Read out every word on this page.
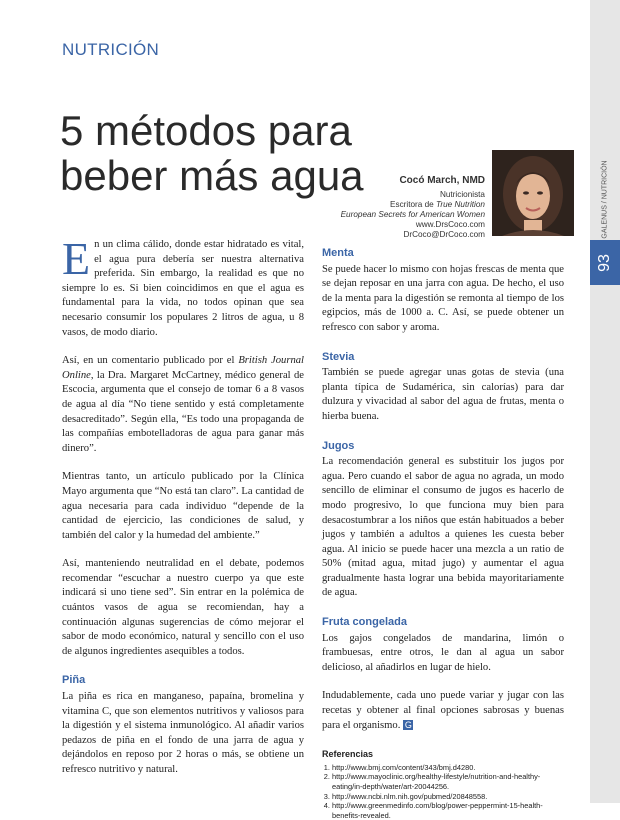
GALENUS / NUTRICIÓN
93
NUTRICIÓN
5 métodos para beber más agua	Cocó March, NMD
Nutricionista
Escritora de True Nutrition
European Secrets for American Women
www.DrsCoco.com
DrCoco@DrCoco.com

En un clima cálido, donde estar hidratado es vital, el agua pura debería ser nuestra alternativa preferida. Sin embargo, la realidad es que no siempre lo es. Si bien coincidimos en que el agua es fundamental para la vida, no todos opinan que sea necesario consumir los populares 2 litros de agua, u 8 vasos, de modo diario.

Así, en un comentario publicado por el British Journal Online, la Dra. Margaret McCartney, médico general de Escocia, argumenta que el consejo de tomar 6 a 8 vasos de agua al día “No tiene sentido y está completamente desacreditado”. Según ella, “Es todo una propaganda de las compañías embotelladoras de agua para ganar más dinero”.

Mientras tanto, un artículo publicado por la Clínica Mayo argumenta que “No está tan claro”. La cantidad de agua necesaria para cada individuo “depende de la cantidad de ejercicio, las condiciones de salud, y también del calor y la humedad del ambiente.”

Así, manteniendo neutralidad en el debate, podemos recomendar “escuchar a nuestro cuerpo ya que este indicará si uno tiene sed”. Sin entrar en la polémica de cuántos vasos de agua se recomiendan, hay a continuación algunas sugerencias de cómo mejorar el sabor de modo económico, natural y sencillo con el uso de algunos ingredientes asequibles a todos.

Piña

La piña es rica en manganeso, papaína, bromelina y vitamina C, que son elementos nutritivos y valiosos para la digestión y el sistema inmunológico. Al añadir varios pedazos de piña en el fondo de una jarra de agua y dejándolos en reposo por 2 horas o más, se obtiene un refresco nutritivo y natural.

Menta

Se puede hacer lo mismo con hojas frescas de menta que se dejan reposar en una jarra con agua. De hecho, el uso de la menta para la digestión se remonta al tiempo de los egipcios, más de 1000 a. C. Así, se puede obtener un refresco con sabor y aroma.

Stevia

También se puede agregar unas gotas de stevia (una planta típica de Sudamérica, sin calorías) para dar dulzura y vivacidad al sabor del agua de frutas, menta o hierba buena.

Jugos

La recomendación general es substituir los jugos por agua. Pero cuando el sabor de agua no agrada, un modo sencillo de eliminar el consumo de jugos es hacerlo de modo progresivo, lo que funciona muy bien para desacostumbrar a los niños que están habituados a beber jugos y también a adultos a quienes les cuesta beber agua. Al inicio se puede hacer una mezcla a un ratio de 50% (mitad agua, mitad jugo) y aumentar el agua gradualmente hasta lograr una bebida mayoritariamente de agua.

Fruta congelada

Los gajos congelados de mandarina, limón o frambuesas, entre otros, le dan al agua un sabor delicioso, al añadirlos en lugar de hielo.

Indudablemente, cada uno puede variar y jugar con las recetas y obtener al final opciones sabrosas y buenas para el organismo. G

Referencias
1. http://www.bmj.com/content/343/bmj.d4280.
2. http://www.mayoclinic.org/healthy-lifestyle/nutrition-and-healthy-eating/in-depth/water/art-20044256.
3. http://www.ncbi.nlm.nih.gov/pubmed/20848558.
4. http://www.greenmedinfo.com/blog/power-peppermint-15-health-benefits-revealed.
